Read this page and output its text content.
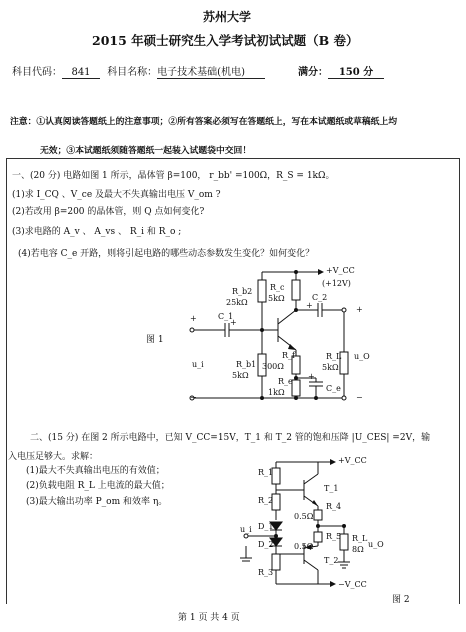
苏州大学
2015 年硕士研究生入学考试初试试题（B 卷）
科目代码： 841 科目名称：电子技术基础(机电)	满分： 150 分
注意：①认真阅读答题纸上的注意事项；②所有答案必须写在答题纸上，写在本试题纸或草稿纸上均
无效；③本试题纸须随答题纸一起装入试题袋中交回！
一、(20 分) 电路如图 1 所示，晶体管 β=100， r_bb' =100Ω，R_S = 1kΩ。
(1)求 I_CQ 、V_ce 及最大不失真输出电压 V_om ?
(2)若改用 β=200 的晶体管，则 Q 点如何变化?
(3)求电路的 A_v 、 A_vs 、 R_i 和 R_o ;
(4)若电容 C_e 开路，则将引起电路的哪些动态参数发生变化？如何变化？
图 1
+V_CC
(+12V)
R_b2
25kΩ
R_c
5kΩ	C_2
+	+
C_1
+
+
u_i	R_b1
5kΩ
R_f
300Ω
R_e
1kΩ	C_e
+
R_L
5kΩ
u_O
−
−
二、(15 分) 在图 2 所示电路中，已知 V_CC=15V，T_1 和 T_2 管的饱和压降 |U_CES| =2V，输
入电压足够大。求解：
(1)最大不失真输出电压的有效值；
(2)负载电阻 R_L 上电流的最大值；
(3)最大输出功率 P_om 和效率 η。
+V_CC
R_1
T_1
R_2
R_4
0.5Ω
D_1
u_i
R_5 R_L
D_2	0.5Ω	8Ω
u_O
T_2
R_3
−V_CC
图 2
第 1 页 共 4 页
